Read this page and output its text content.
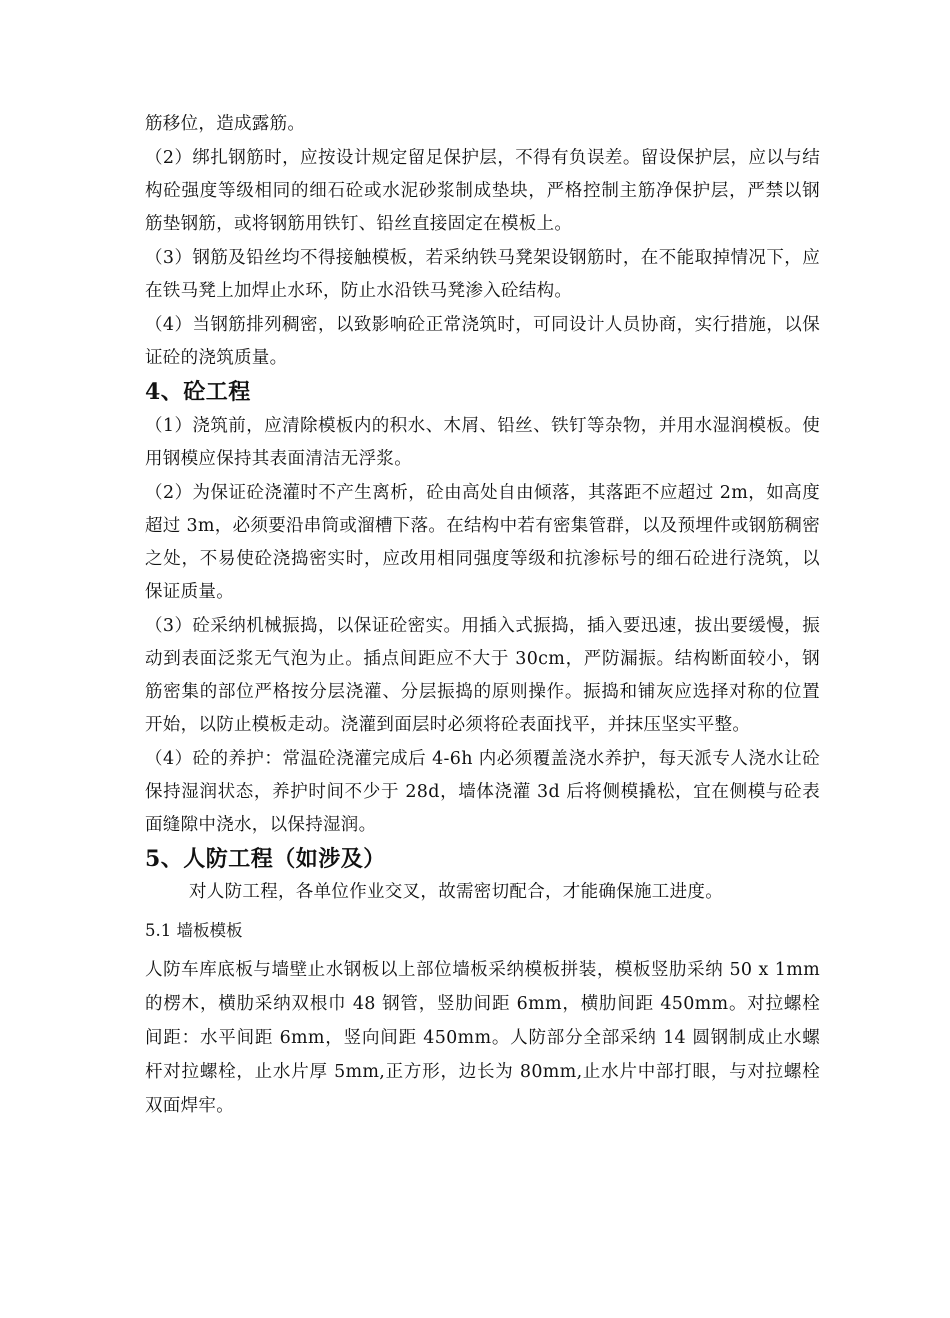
筋移位，造成露筋。

（2）绑扎钢筋时，应按设计规定留足保护层，不得有负误差。留设保护层，应以与结构砼强度等级相同的细石砼或水泥砂浆制成垫块，严格控制主筋净保护层，严禁以钢筋垫钢筋，或将钢筋用铁钉、铅丝直接固定在模板上。

（3）钢筋及铅丝均不得接触模板，若采纳铁马凳架设钢筋时，在不能取掉情况下，应在铁马凳上加焊止水环，防止水沿铁马凳渗入砼结构。

（4）当钢筋排列稠密，以致影响砼正常浇筑时，可同设计人员协商，实行措施，以保证砼的浇筑质量。

4、砼工程

（1）浇筑前，应清除模板内的积水、木屑、铅丝、铁钉等杂物，并用水湿润模板。使用钢模应保持其表面清洁无浮浆。

（2）为保证砼浇灌时不产生离析，砼由高处自由倾落，其落距不应超过 2m，如高度超过 3m，必须要沿串筒或溜槽下落。在结构中若有密集管群，以及预埋件或钢筋稠密之处，不易使砼浇捣密实时，应改用相同强度等级和抗渗标号的细石砼进行浇筑，以保证质量。

（3）砼采纳机械振捣，以保证砼密实。用插入式振捣，插入要迅速，拔出要缓慢，振动到表面泛浆无气泡为止。插点间距应不大于 30cm，严防漏振。结构断面较小，钢筋密集的部位严格按分层浇灌、分层振捣的原则操作。振捣和铺灰应选择对称的位置开始，以防止模板走动。浇灌到面层时必须将砼表面找平，并抹压坚实平整。

（4）砼的养护：常温砼浇灌完成后 4-6h 内必须覆盖浇水养护，每天派专人浇水让砼保持湿润状态，养护时间不少于 28d，墙体浇灌 3d 后将侧模撬松，宜在侧模与砼表面缝隙中浇水，以保持湿润。

5、人防工程（如涉及）

对人防工程，各单位作业交叉，故需密切配合，才能确保施工进度。

5.1 墙板模板

人防车库底板与墙壁止水钢板以上部位墙板采纳模板拼装，模板竖肋采纳 50 x 1mm 的楞木，横肋采纳双根巾 48 钢管，竖肋间距 6mm，横肋间距 450mm。对拉螺栓间距：水平间距 6mm，竖向间距 450mm。人防部分全部采纳 14 圆钢制成止水螺杆对拉螺栓，止水片厚 5mm,正方形，边长为 80mm,止水片中部打眼，与对拉螺栓双面焊牢。
